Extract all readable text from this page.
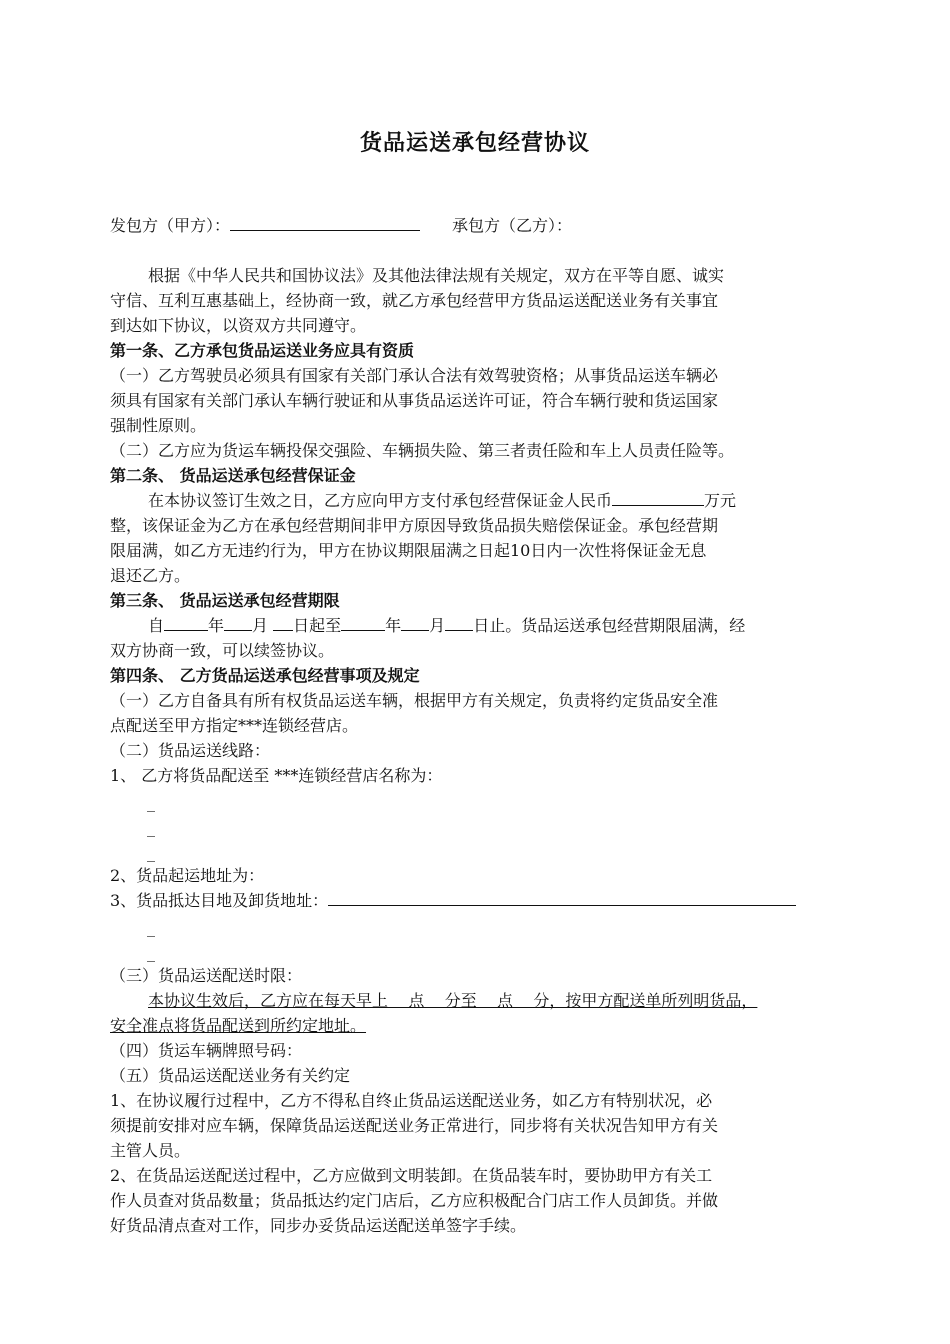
货品运送承包经营协议
发包方（甲方）：	承包方（乙方）：
根据《中华人民共和国协议法》及其他法律法规有关规定，双方在平等自愿、诚实
守信、互利互惠基础上，经协商一致，就乙方承包经营甲方货品运送配送业务有关事宜
到达如下协议，以资双方共同遵守。
第一条、乙方承包货品运送业务应具有资质
（一）乙方驾驶员必须具有国家有关部门承认合法有效驾驶资格；从事货品运送车辆必
须具有国家有关部门承认车辆行驶证和从事货品运送许可证，符合车辆行驶和货运国家
强制性原则。
（二）乙方应为货运车辆投保交强险、车辆损失险、第三者责任险和车上人员责任险等。
第二条、 货品运送承包经营保证金
在本协议签订生效之日，乙方应向甲方支付承包经营保证金人民币	万元
整，该保证金为乙方在承包经营期间非甲方原因导致货品损失赔偿保证金。承包经营期
限届满，如乙方无违约行为，甲方在协议期限届满之日起10日内一次性将保证金无息
退还乙方。
第三条、 货品运送承包经营期限
自	年 月 日起至	年 月 日止。货品运送承包经营期限届满，经
双方协商一致，可以续签协议。
第四条、 乙方货品运送承包经营事项及规定
（一）乙方自备具有所有权货品运送车辆，根据甲方有关规定，负责将约定货品安全准
点配送至甲方指定***连锁经营店。
（二）货品运送线路：
1、 乙方将货品配送至 ***连锁经营店名称为：
_
_
_
2、货品起运地址为：
3、货品抵达目地及卸货地址：
_
_
（三）货品运送配送时限：
本协议生效后，乙方应在每天早上    点    分至    点    分，按甲方配送单所列明货品，
安全准点将货品配送到所约定地址。
（四）货运车辆牌照号码：
（五）货品运送配送业务有关约定
1、在协议履行过程中，乙方不得私自终止货品运送配送业务，如乙方有特别状况，必
须提前安排对应车辆，保障货品运送配送业务正常进行，同步将有关状况告知甲方有关
主管人员。
2、在货品运送配送过程中，乙方应做到文明装卸。在货品装车时，要协助甲方有关工
作人员查对货品数量；货品抵达约定门店后，乙方应积极配合门店工作人员卸货。并做
好货品清点查对工作，同步办妥货品运送配送单签字手续。
